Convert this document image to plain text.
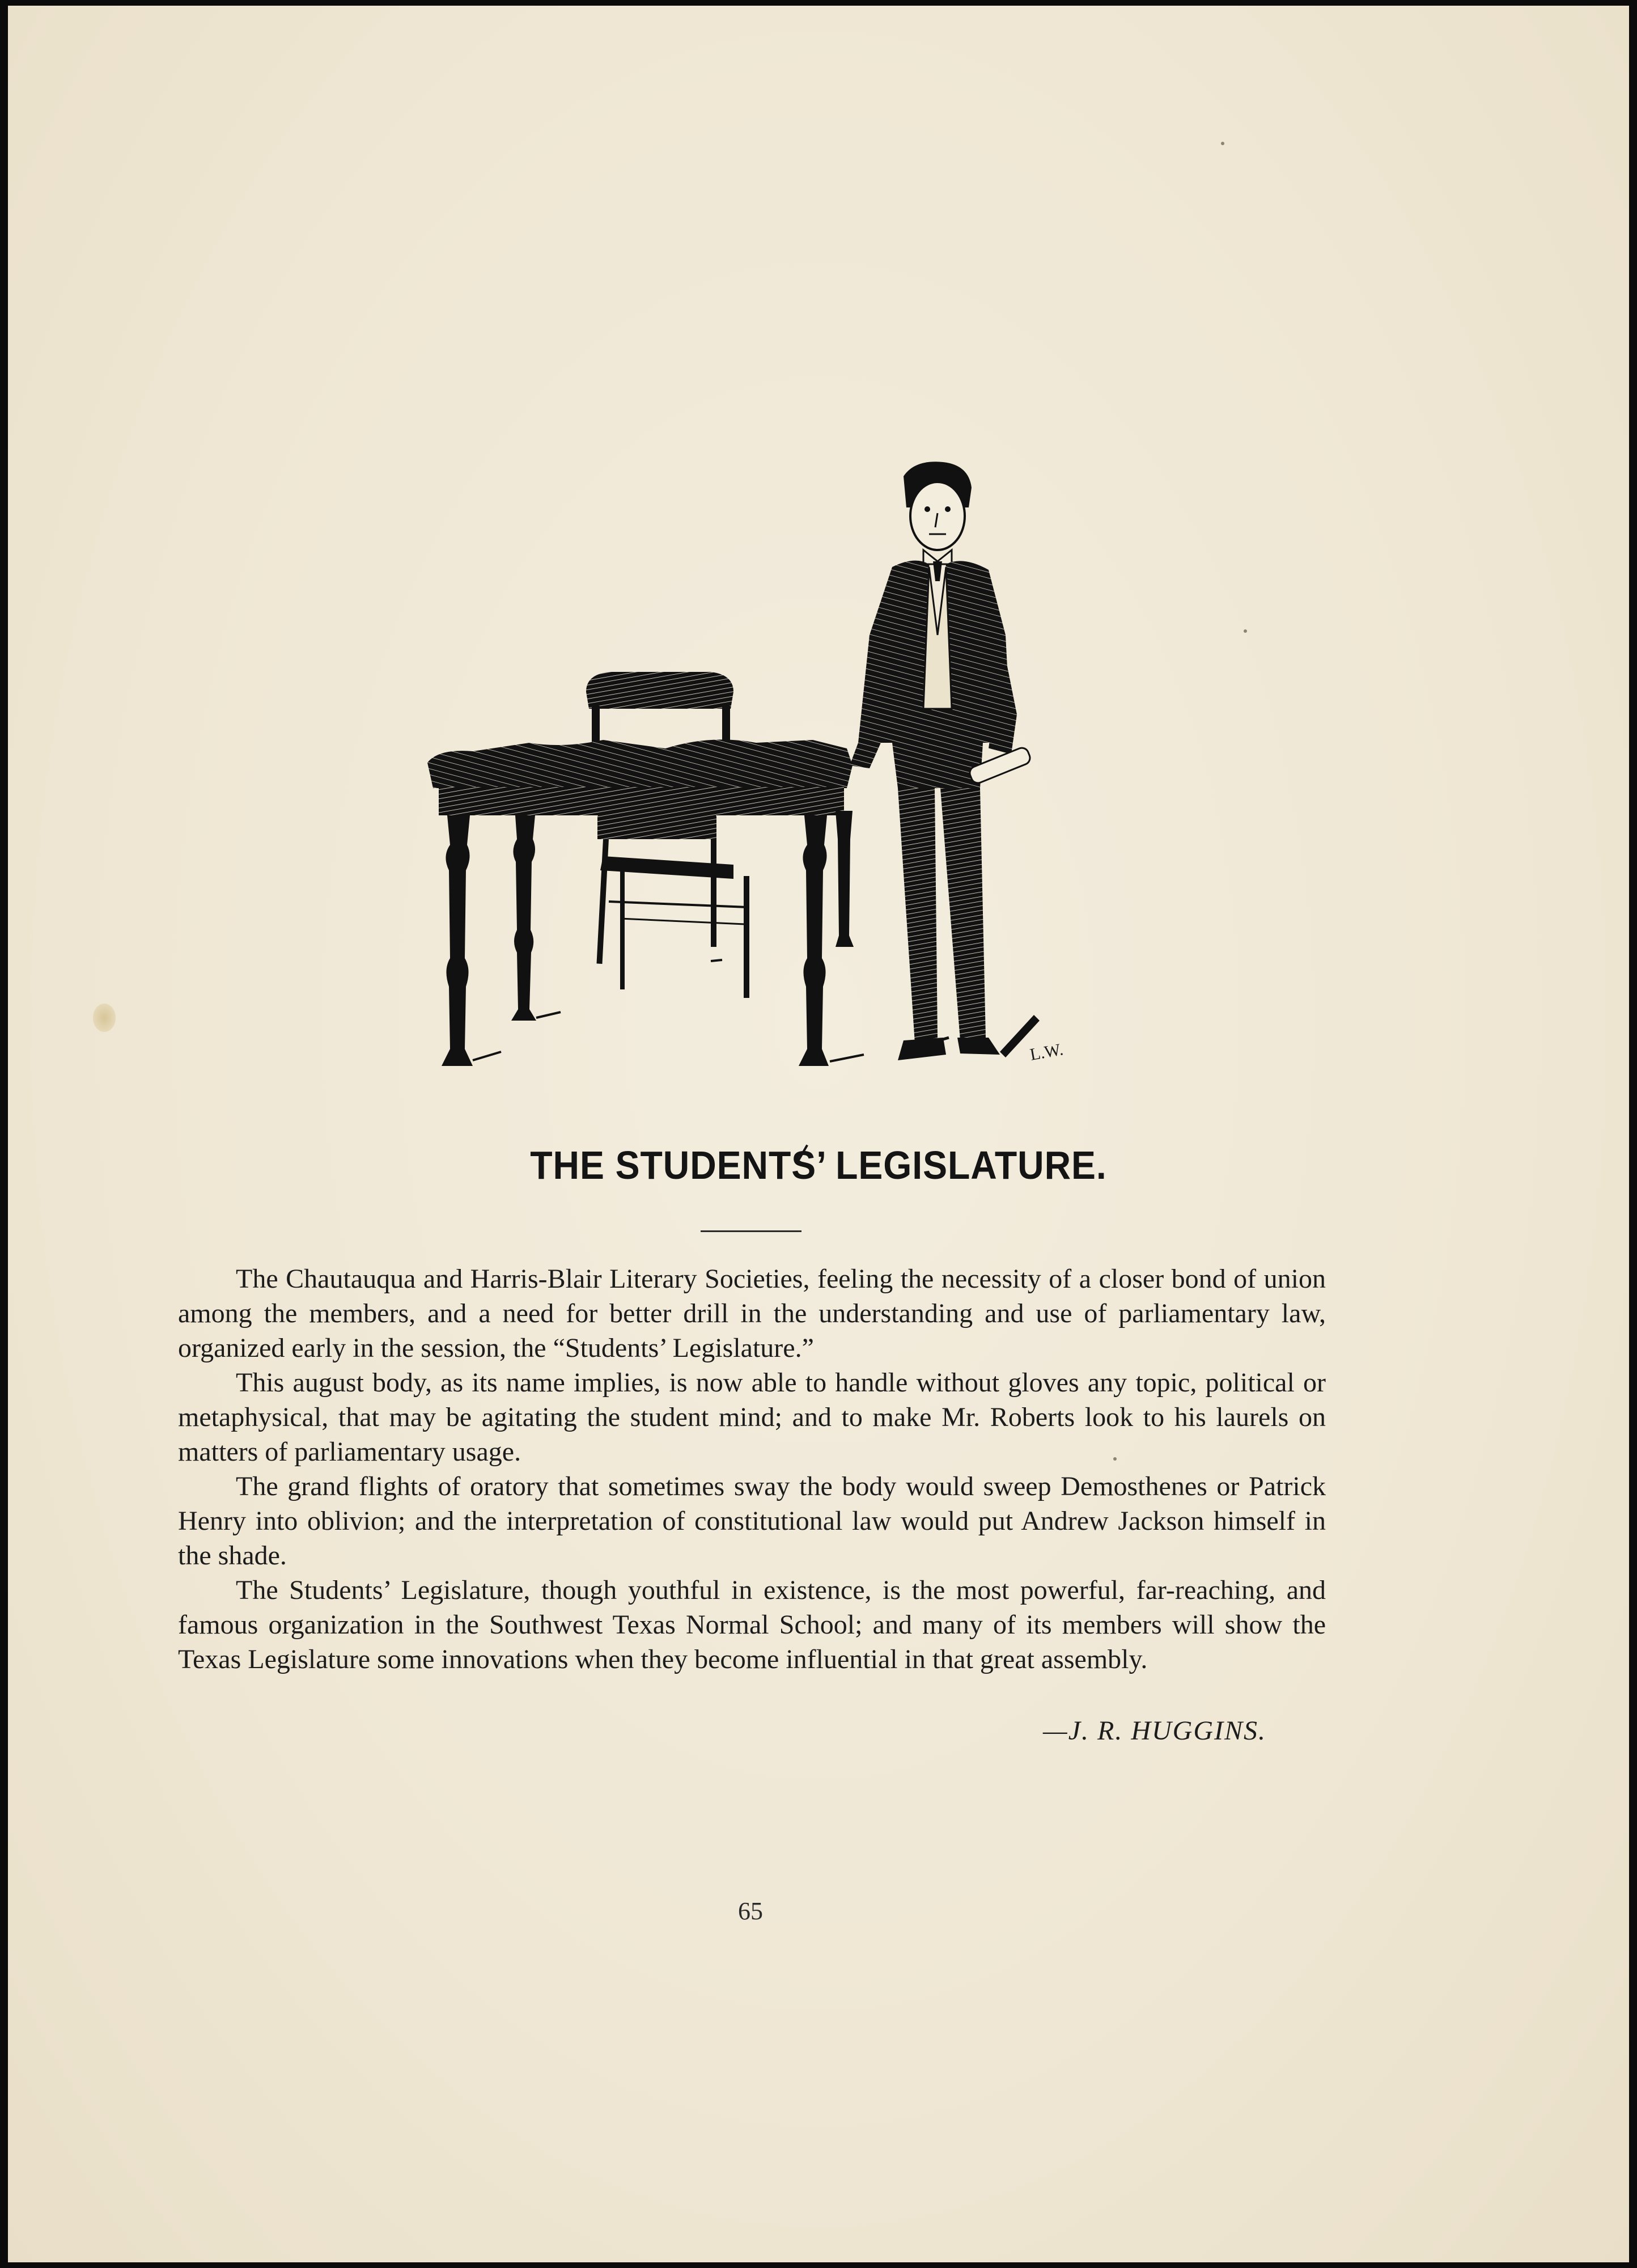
L.W.
THE STUDENTS’ LEGISLATURE.

The Chautauqua and Harris-Blair Literary Societies, feeling the necessity of a closer bond of union among the members, and a need for better drill in the understanding and use of parliamentary law, organized early in the session, the “Students’ Legislature.”

This august body, as its name implies, is now able to handle without gloves any topic, political or metaphysical, that may be agitating the student mind; and to make Mr. Roberts look to his laurels on matters of parliamentary usage.

The grand flights of oratory that sometimes sway the body would sweep Demosthenes or Patrick Henry into oblivion; and the interpretation of constitutional law would put Andrew Jackson himself in the shade.

The Students’ Legislature, though youthful in existence, is the most powerful, far-reaching, and famous organization in the Southwest Texas Normal School; and many of its members will show the Texas Legislature some innovations when they become influential in that great assembly.

—J. R. HUGGINS.
65
